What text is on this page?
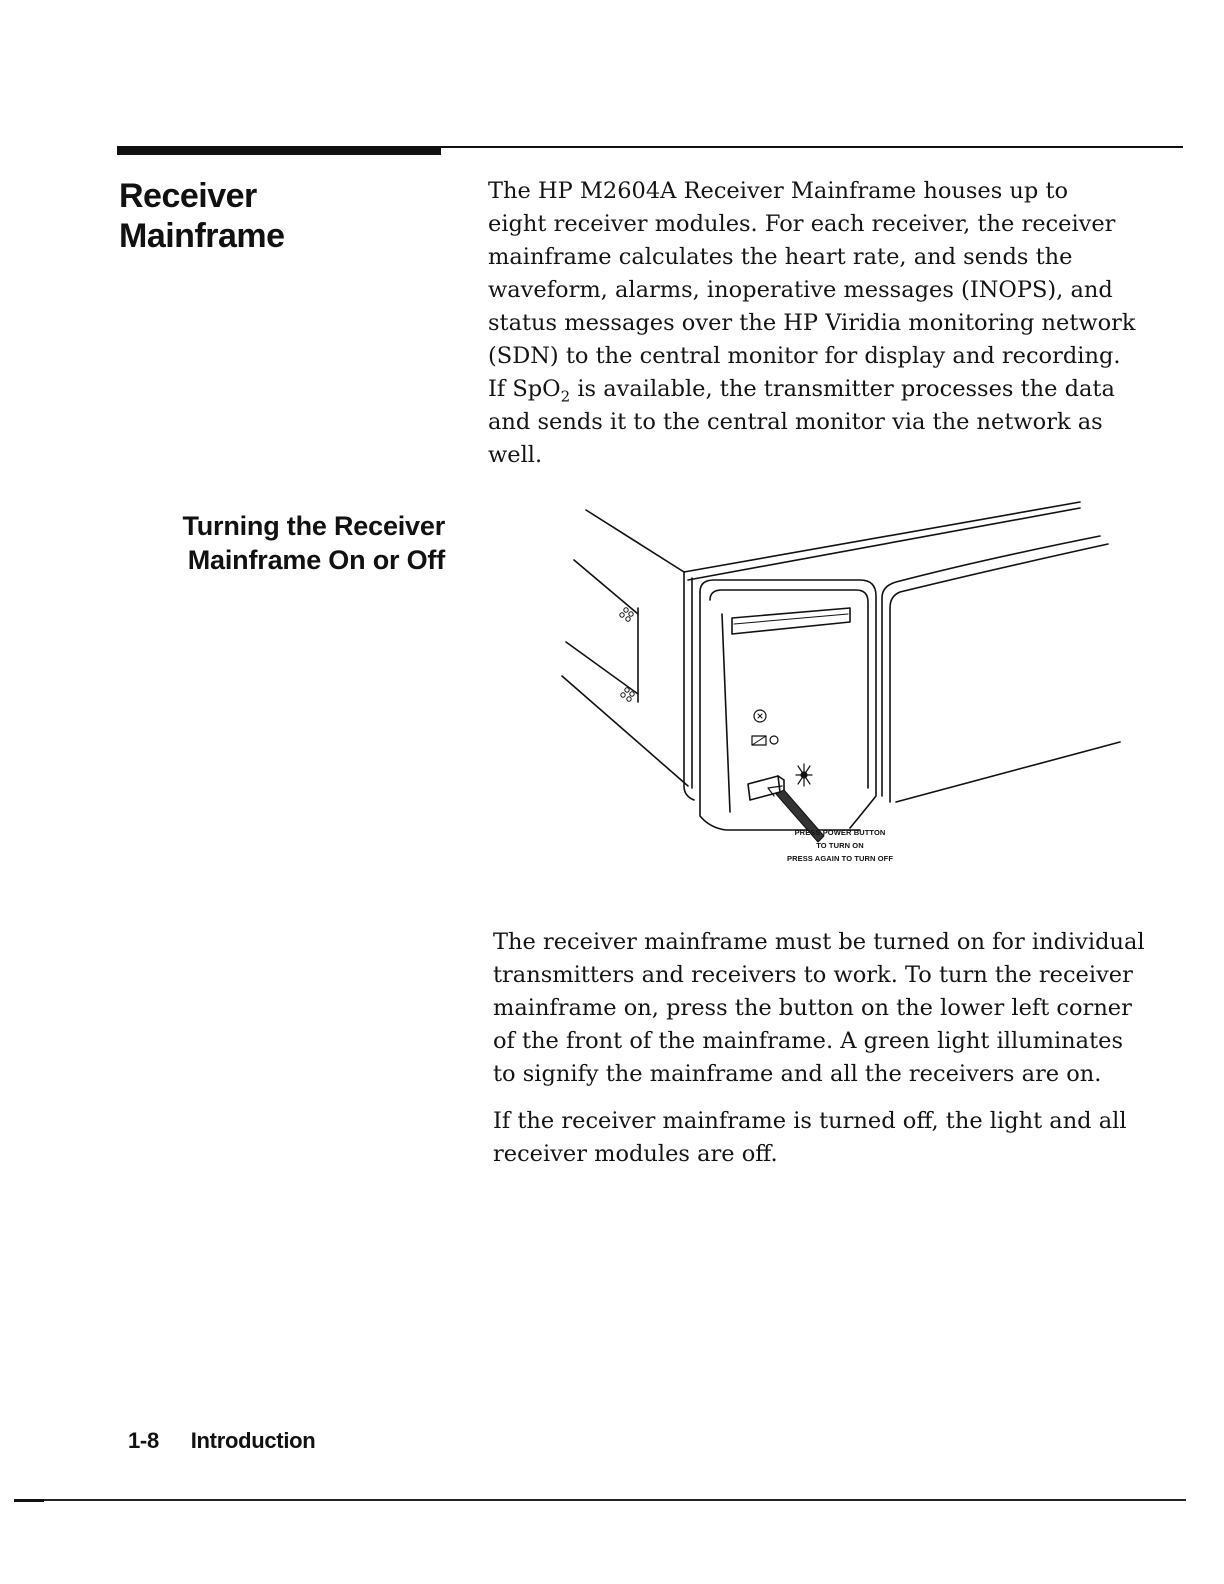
Receiver
Mainframe

The HP M2604A Receiver Mainframe houses up to
eight receiver modules. For each receiver, the receiver
mainframe calculates the heart rate, and sends the
waveform, alarms, inoperative messages (INOPS), and
status messages over the HP Viridia monitoring network
(SDN) to the central monitor for display and recording.
If SpO$_2$ is available, the transmitter processes the data
and sends it to the central monitor via the network as
well.

Turning the Receiver
Mainframe On or Off
PRESS POWER BUTTON
TO TURN ON
PRESS AGAIN TO TURN OFF

The receiver mainframe must be turned on for individual
transmitters and receivers to work. To turn the receiver
mainframe on, press the button on the lower left corner
of the front of the mainframe. A green light illuminates
to signify the mainframe and all the receivers are on.

If the receiver mainframe is turned off, the light and all
receiver modules are off.

1-8 Introduction
